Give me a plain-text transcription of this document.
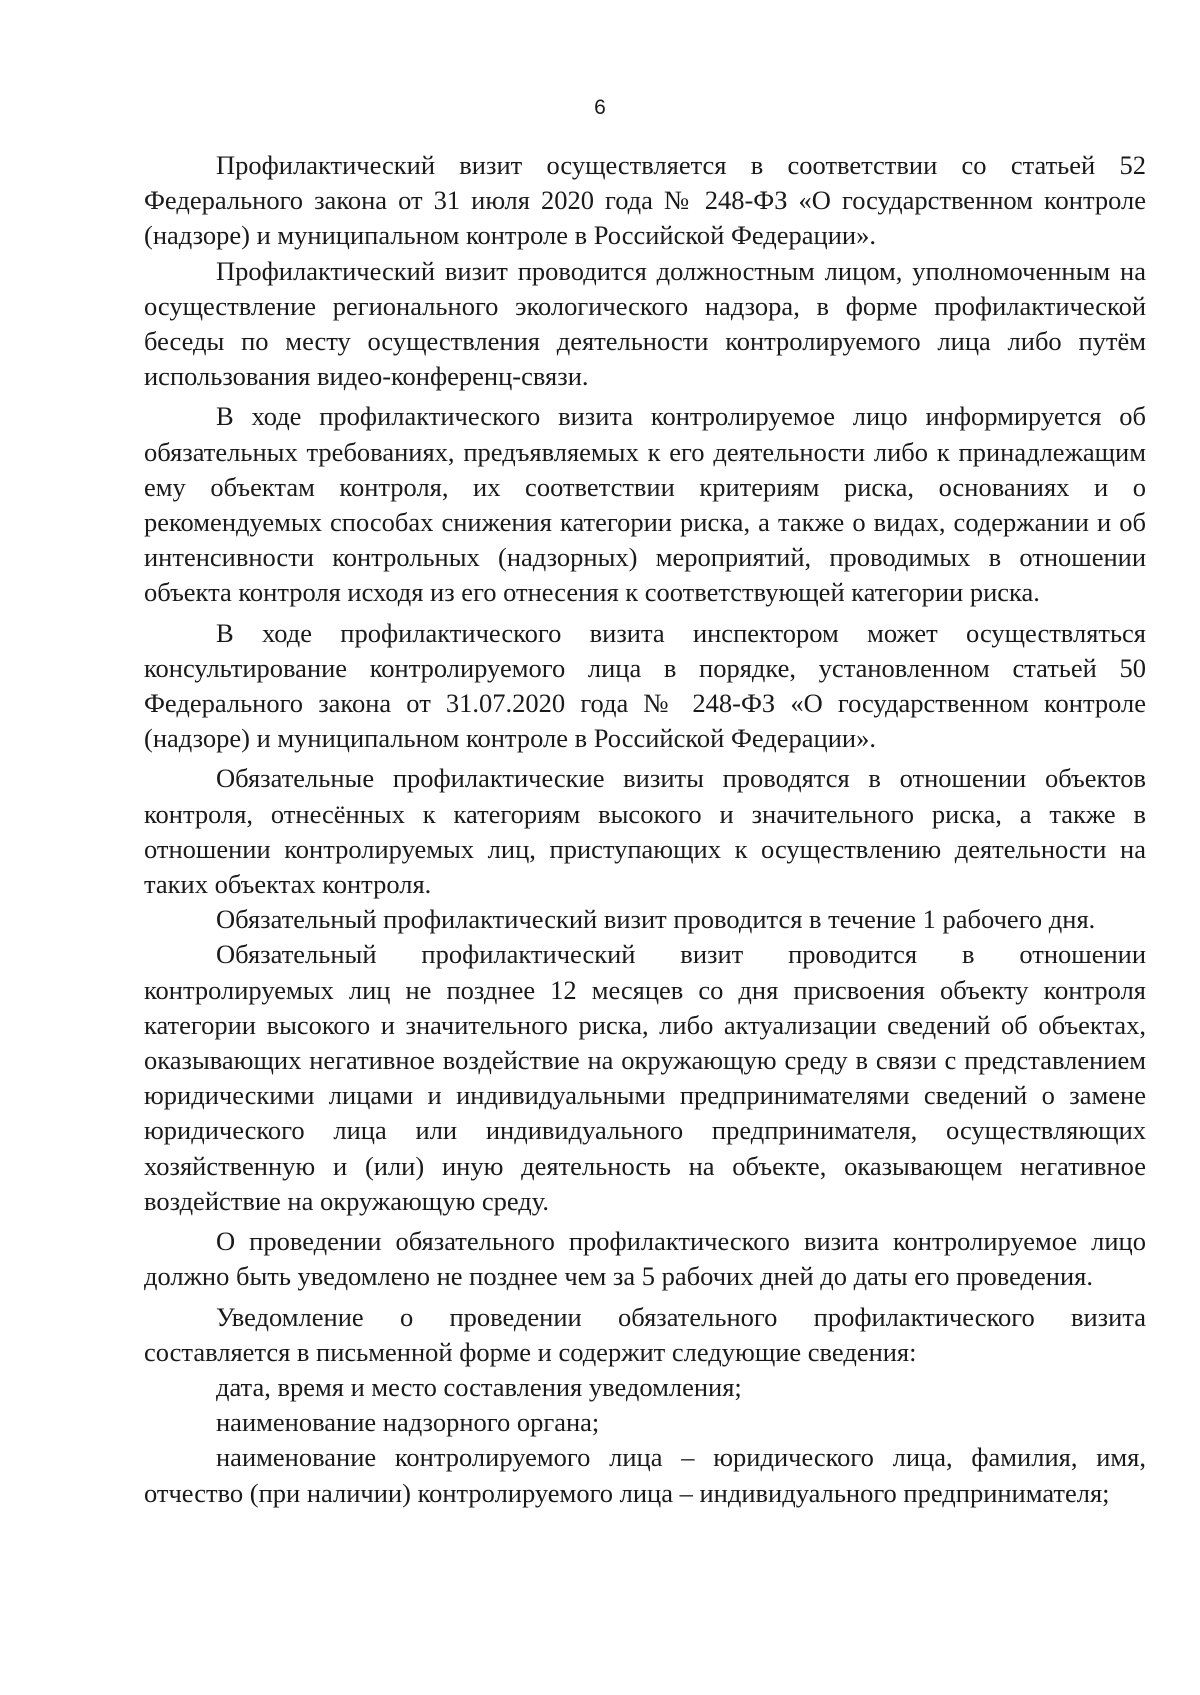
6

Профилактический визит осуществляется в соответствии со статьей 52 Федерального закона от 31 июля 2020 года № 248-ФЗ «О государственном контроле (надзоре) и муниципальном контроле в Российской Федерации».

Профилактический визит проводится должностным лицом, уполномоченным на осуществление регионального экологического надзора, в форме профилактической беседы по месту осуществления деятельности контролируемого лица либо путём использования видео-конференц-связи.

В ходе профилактического визита контролируемое лицо информируется об обязательных требованиях, предъявляемых к его деятельности либо к принадлежащим ему объектам контроля, их соответствии критериям риска, основаниях и о рекомендуемых способах снижения категории риска, а также о видах, содержании и об интенсивности контрольных (надзорных) мероприятий, проводимых в отношении объекта контроля исходя из его отнесения к соответствующей категории риска.

В ходе профилактического визита инспектором может осуществляться консультирование контролируемого лица в порядке, установленном статьей 50 Федерального закона от 31.07.2020 года № 248-ФЗ «О государственном контроле (надзоре) и муниципальном контроле в Российской Федерации».

Обязательные профилактические визиты проводятся в отношении объектов контроля, отнесённых к категориям высокого и значительного риска, а также в отношении контролируемых лиц, приступающих к осуществлению деятельности на таких объектах контроля.

Обязательный профилактический визит проводится в течение 1 рабочего дня.

Обязательный профилактический визит проводится в отношении контролируемых лиц не позднее 12 месяцев со дня присвоения объекту контроля категории высокого и значительного риска, либо актуализации сведений об объектах, оказывающих негативное воздействие на окружающую среду в связи с представлением юридическими лицами и индивидуальными предпринимателями сведений о замене юридического лица или индивидуального предпринимателя, осуществляющих хозяйственную и (или) иную деятельность на объекте, оказывающем негативное воздействие на окружающую среду.

О проведении обязательного профилактического визита контролируемое лицо должно быть уведомлено не позднее чем за 5 рабочих дней до даты его проведения.

Уведомление о проведении обязательного профилактического визита составляется в письменной форме и содержит следующие сведения:

дата, время и место составления уведомления;

наименование надзорного органа;

наименование контролируемого лица – юридического лица, фамилия, имя, отчество (при наличии) контролируемого лица – индивидуального предпринимателя;
